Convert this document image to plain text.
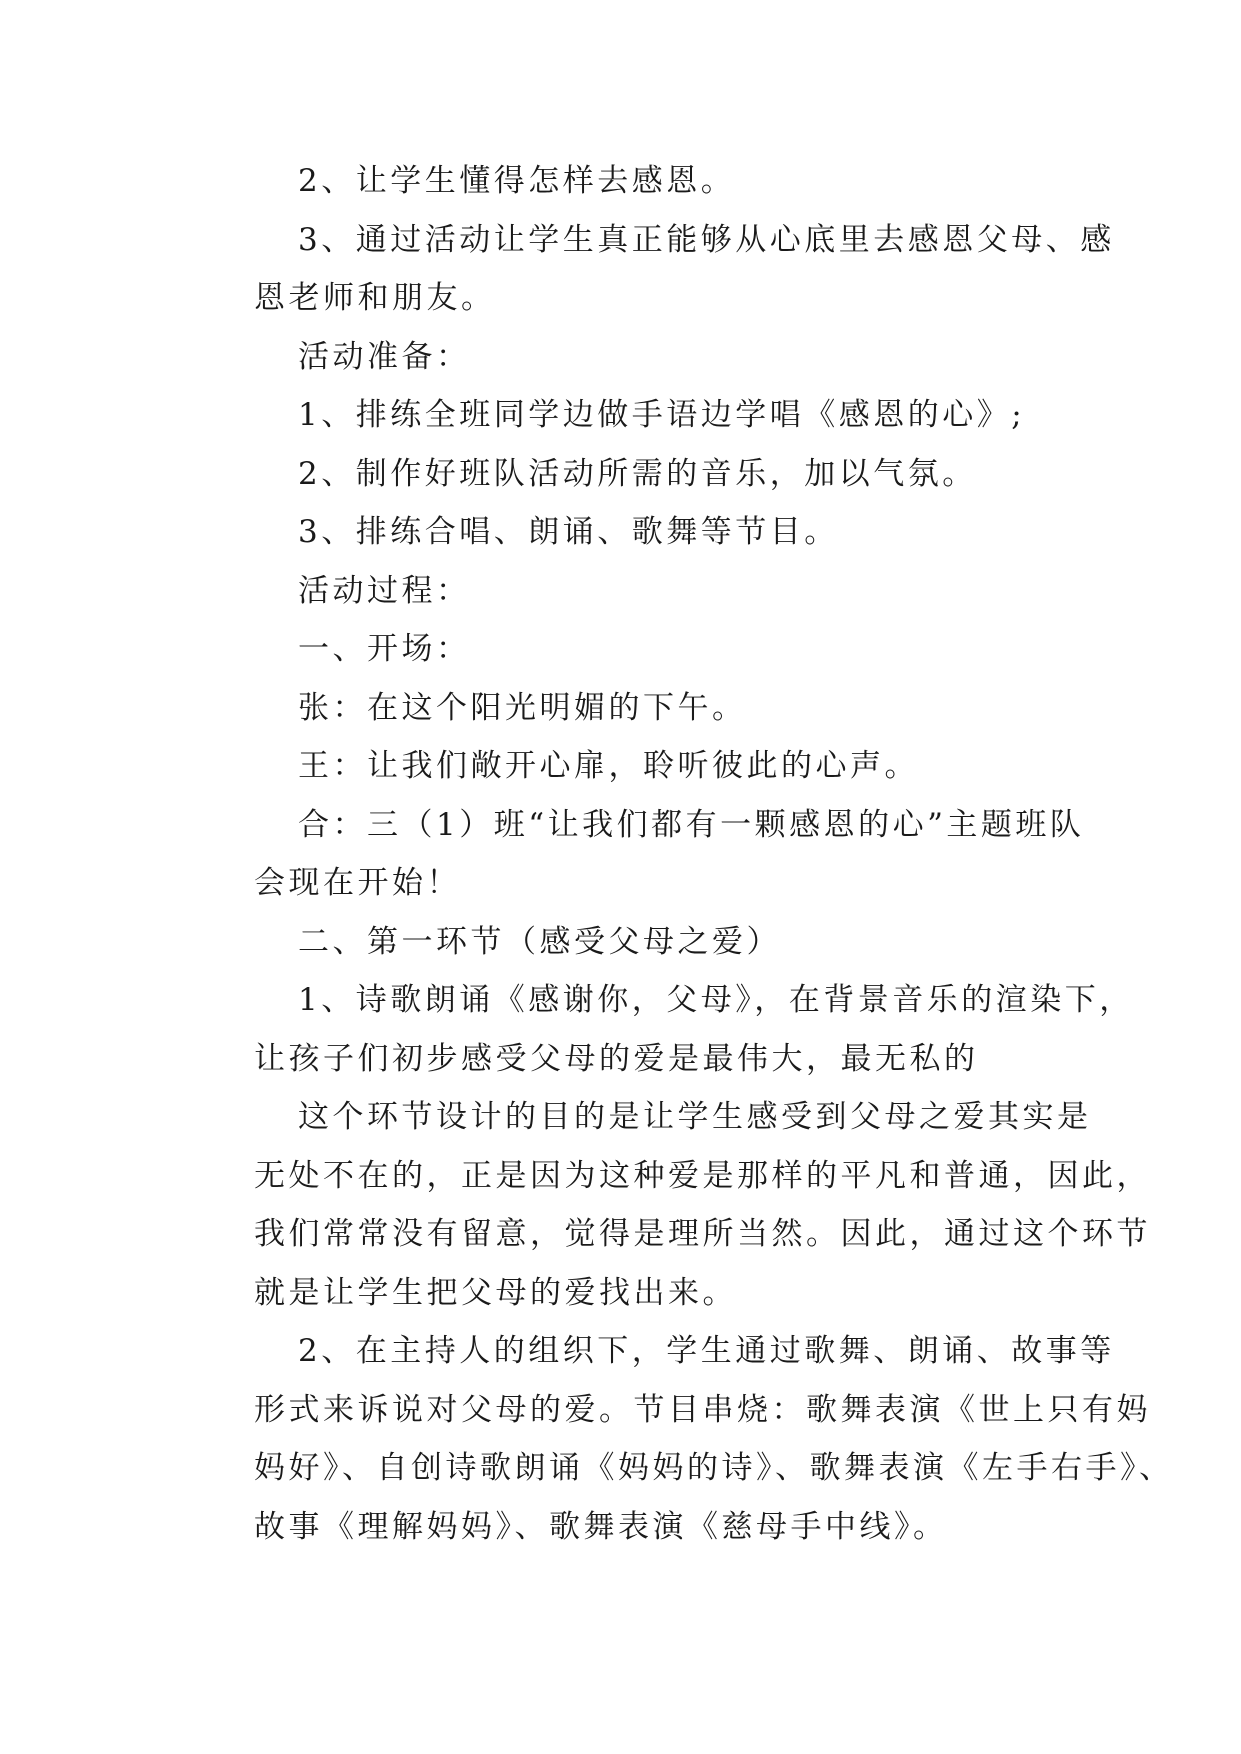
2、让学生懂得怎样去感恩。

3、通过活动让学生真正能够从心底里去感恩父母、感
恩老师和朋友。

活动准备：

1、排练全班同学边做手语边学唱《感恩的心》;

2、制作好班队活动所需的音乐，加以气氛。

3、排练合唱、朗诵、歌舞等节目。

活动过程：

一、开场：

张：在这个阳光明媚的下午。

王：让我们敞开心扉，聆听彼此的心声。

合：三（1）班“让我们都有一颗感恩的心”主题班队
会现在开始！

二、第一环节（感受父母之爱）

1、诗歌朗诵《感谢你，父母》，在背景音乐的渲染下，
让孩子们初步感受父母的爱是最伟大，最无私的

这个环节设计的目的是让学生感受到父母之爱其实是
无处不在的，正是因为这种爱是那样的平凡和普通，因此，
我们常常没有留意，觉得是理所当然。因此，通过这个环节
就是让学生把父母的爱找出来。

2、在主持人的组织下，学生通过歌舞、朗诵、故事等
形式来诉说对父母的爱。节目串烧：歌舞表演《世上只有妈
妈好》、自创诗歌朗诵《妈妈的诗》、歌舞表演《左手右手》、
故事《理解妈妈》、歌舞表演《慈母手中线》。
